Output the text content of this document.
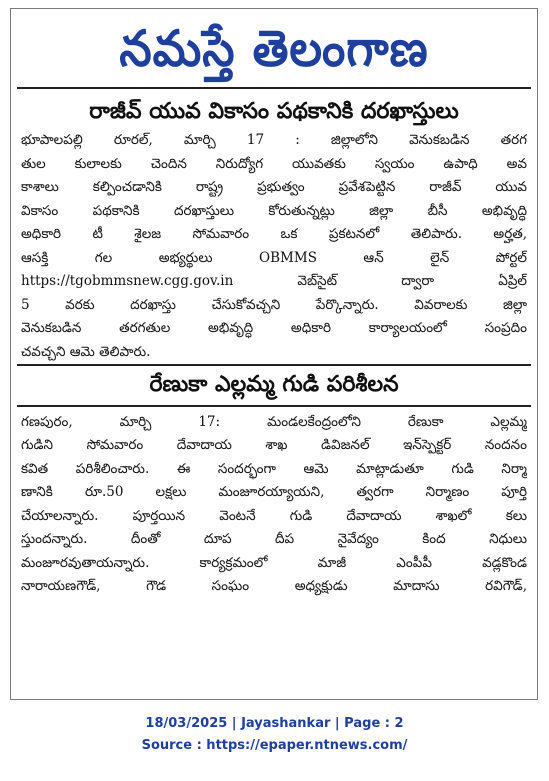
నమస్తే తెలంగాణ
రాజీవ్ యువ వికాసం పథకానికి దరఖాస్తులు
భూపాలపల్లి రూరల్, మార్చి 17 : జిల్లాలోని వెనుకబడిన తరగ
తుల కులాలకు చెందిన నిరుద్యోగ యువతకు స్వయం ఉపాధి అవ
కాశాలు కల్పించడానికి రాష్ట్ర ప్రభుత్వం ప్రవేశపెట్టిన రాజీవ్ యువ
వికాసం పథకానికి దరఖాస్తులు కోరుతున్నట్లు జిల్లా బీసీ అభివృద్ధి
అధికారి టీ శైలజ సోమవారం ఒక ప్రకటనలో తెలిపారు. అర్హత,
ఆసక్తి గల అభ్యర్థులు OBMMS ఆన్ లైన్ పోర్టల్
https://tgobmmsnew.cgg.gov.in వెబ్‌సైట్ ద్వారా ఏప్రిల్
5 వరకు దరఖాస్తు చేసుకోవచ్చని పేర్కొన్నారు. వివరాలకు జిల్లా
వెనుకబడిన తరగతుల అభివృద్ధి అధికారి కార్యాలయంలో సంప్రదిం
చవచ్చని ఆమె తెలిపారు.
రేణుకా ఎల్లమ్మ గుడి పరిశీలన
గణపురం, మార్చి 17: మండలకేంద్రంలోని రేణుకా ఎల్లమ్మ
గుడిని సోమవారం దేవాదాయ శాఖ డివిజనల్ ఇన్‌స్పెక్టర్ నందనం
కవిత పరిశీలించారు. ఈ సందర్భంగా ఆమె మాట్లాడుతూ గుడి నిర్మా
ణానికి రూ.50 లక్షలు మంజూరయ్యాయని, త్వరగా నిర్మాణం పూర్తి
చేయాలన్నారు. పూర్తయిన వెంటనే గుడి దేవాదాయ శాఖలో కలు
స్తుందన్నారు. దీంతో దూప దీప నైవేద్యం కింద నిధులు
మంజూరవుతాయన్నారు. కార్యక్రమంలో మాజీ ఎంపీపీ వడ్లకొండ
నారాయణగౌడ్, గౌడ సంఘం అధ్యక్షుడు మాదాసు రవిగౌడ్,
18/03/2025 | Jayashankar | Page : 2
Source : https://epaper.ntnews.com/
